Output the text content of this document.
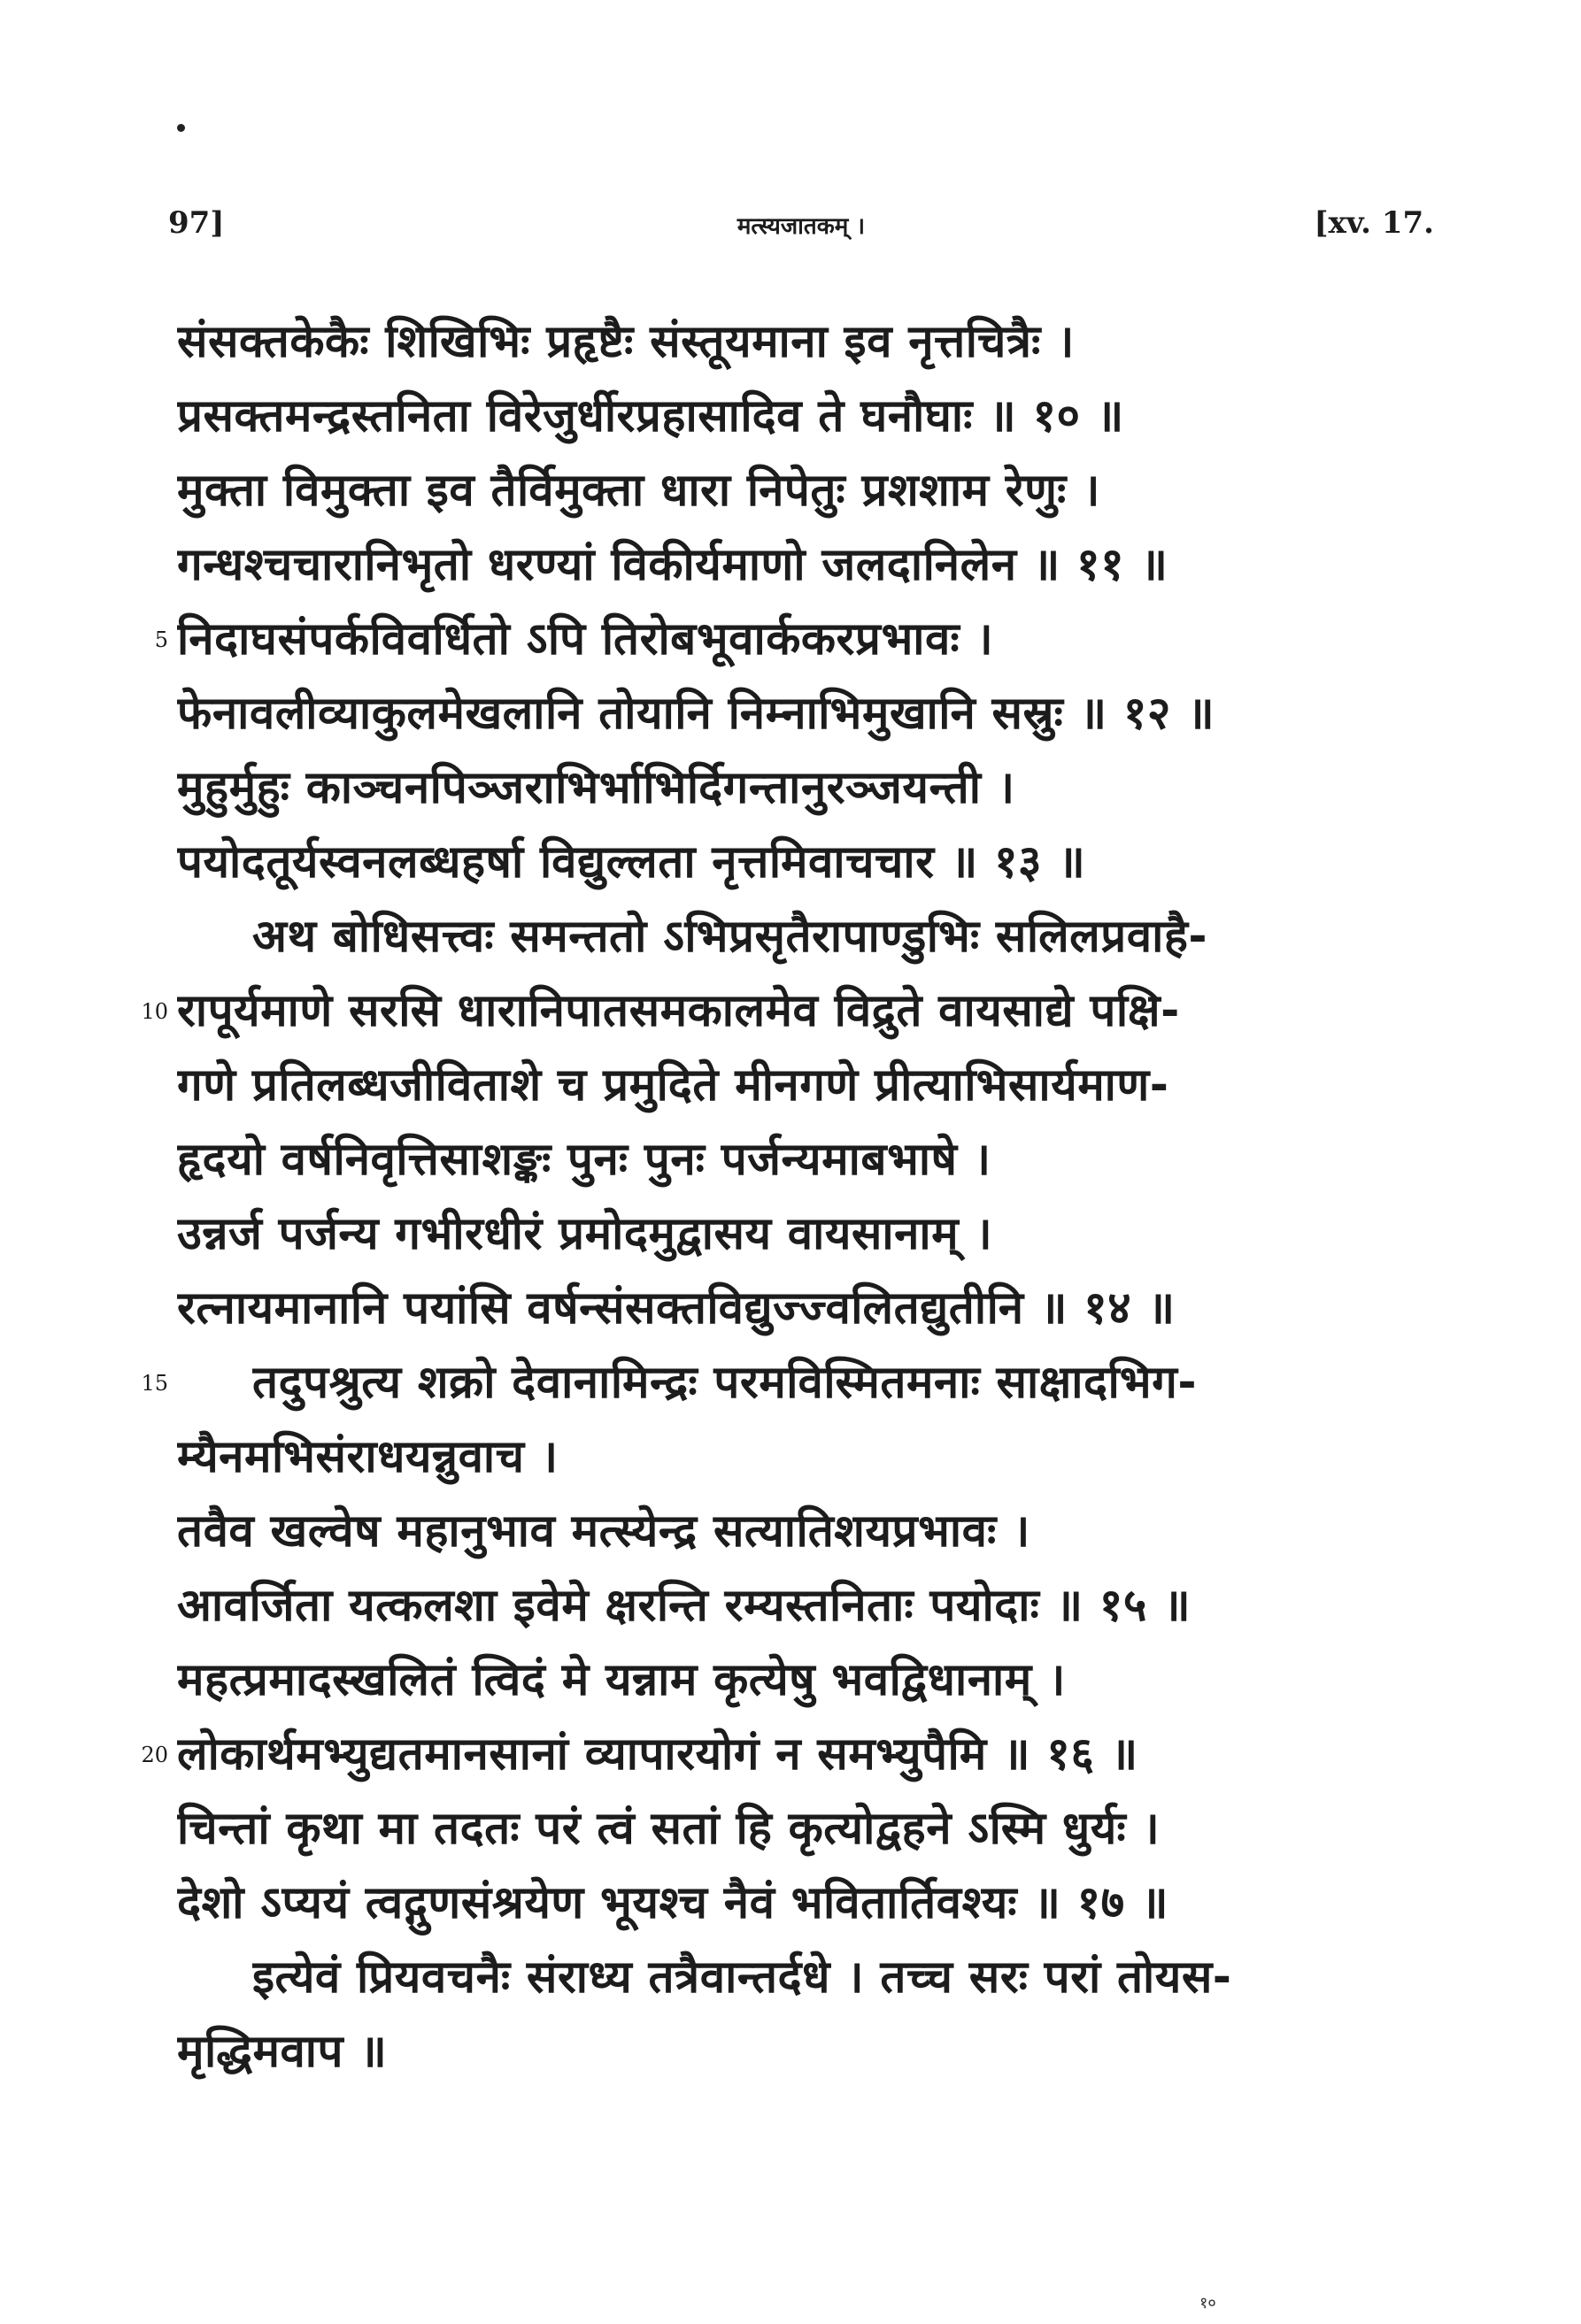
97]	मत्स्यजातकम् ।	[xv. 17.
संसक्तकेकैः शिखिभिः प्रहृष्टैः संस्तूयमाना इव नृत्तचित्रैः ।
प्रसक्तमन्द्रस्तनिता विरेजुर्धीरप्रहासादिव ते घनौघाः ॥ १० ॥
मुक्ता विमुक्ता इव तैर्विमुक्ता धारा निपेतुः प्रशशाम रेणुः ।
गन्धश्चचारानिभृतो धरण्यां विकीर्यमाणो जलदानिलेन ॥ ११ ॥
5 निदाघसंपर्कविवर्धितो ऽपि तिरोबभूवार्ककरप्रभावः ।
फेनावलीव्याकुलमेखलानि तोयानि निम्नाभिमुखानि सस्रुः ॥ १२ ॥
मुहुर्मुहुः काञ्चनपिञ्जराभिर्भाभिर्दिगन्तानुरञ्जयन्ती ।
पयोदतूर्यस्वनलब्धहर्षा विद्युल्लता नृत्तमिवाचचार ॥ १३ ॥
अथ बोधिसत्त्वः समन्ततो ऽभिप्रसृतैरापाण्डुभिः सलिलप्रवाहै-
10 रापूर्यमाणे सरसि धारानिपातसमकालमेव विद्रुते वायसाद्ये पक्षि-
गणे प्रतिलब्धजीविताशे च प्रमुदिते मीनगणे प्रीत्याभिसार्यमाण-
हृदयो वर्षनिवृत्तिसाशङ्कः पुनः पुनः पर्जन्यमाबभाषे ।
उन्नर्ज पर्जन्य गभीरधीरं प्रमोदमुद्वासय वायसानाम् ।
रत्नायमानानि पयांसि वर्षन्संसक्तविद्युज्ज्वलितद्युतीनि ॥ १४ ॥
15 तदुपश्रुत्य शक्रो देवानामिन्द्रः परमविस्मितमनाः साक्षादभिग-
म्यैनमभिसंराधयन्नुवाच ।
तवैव खल्वेष महानुभाव मत्स्येन्द्र सत्यातिशयप्रभावः ।
आवर्जिता यत्कलशा इवेमे क्षरन्ति रम्यस्तनिताः पयोदाः ॥ १५ ॥
महत्प्रमादस्खलितं त्विदं मे यन्नाम कृत्येषु भवद्विधानाम् ।
20 लोकार्थमभ्युद्यतमानसानां व्यापारयोगं न समभ्युपैमि ॥ १६ ॥
चिन्तां कृथा मा तदतः परं त्वं सतां हि कृत्योद्वहने ऽस्मि धुर्यः ।
देशो ऽप्ययं त्वद्गुणसंश्रयेण भूयश्च नैवं भवितार्तिवश्यः ॥ १७ ॥
इत्येवं प्रियवचनैः संराध्य तत्रैवान्तर्दधे । तच्च सरः परां तोयस-
मृद्धिमवाप ॥
१०
